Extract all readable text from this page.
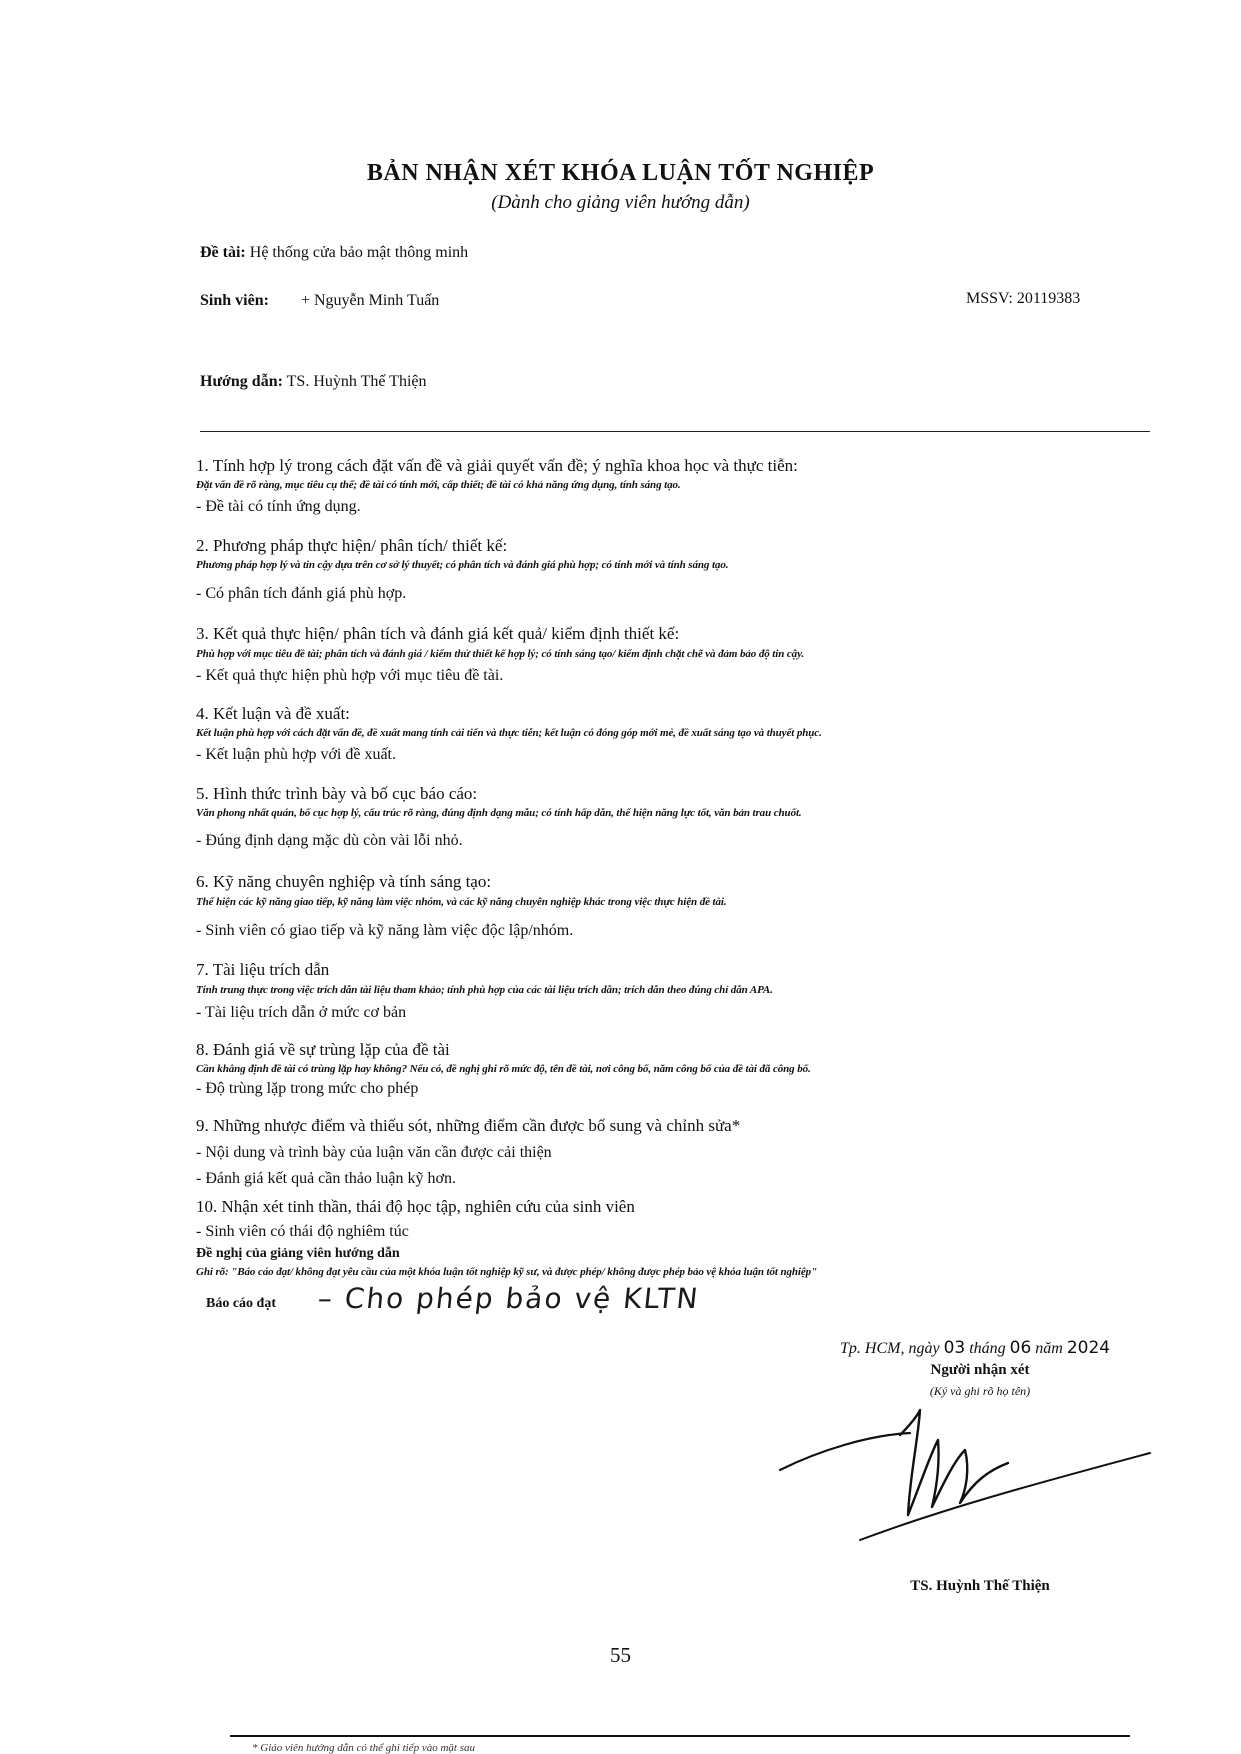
BẢN NHẬN XÉT KHÓA LUẬN TỐT NGHIỆP
(Dành cho giảng viên hướng dẫn)
Đề tài: Hệ thống cửa bảo mật thông minh
Sinh viên: + Nguyễn Minh Tuấn	MSSV: 20119383
Hướng dẫn: TS. Huỳnh Thế Thiện
1. Tính hợp lý trong cách đặt vấn đề và giải quyết vấn đề; ý nghĩa khoa học và thực tiễn:
Đặt vấn đề rõ ràng, mục tiêu cụ thể; đề tài có tính mới, cấp thiết; đề tài có khả năng ứng dụng, tính sáng tạo.
- Đề tài có tính ứng dụng.
2. Phương pháp thực hiện/ phân tích/ thiết kế:
Phương pháp hợp lý và tin cậy dựa trên cơ sở lý thuyết; có phân tích và đánh giá phù hợp; có tính mới và tính sáng tạo.
- Có phân tích đánh giá phù hợp.
3. Kết quả thực hiện/ phân tích và đánh giá kết quả/ kiểm định thiết kế:
Phù hợp với mục tiêu đề tài; phân tích và đánh giá / kiểm thử thiết kế hợp lý; có tính sáng tạo/ kiểm định chặt chẽ và đảm bảo độ tin cậy.
- Kết quả thực hiện phù hợp với mục tiêu đề tài.
4. Kết luận và đề xuất:
Kết luận phù hợp với cách đặt vấn đề, đề xuất mang tính cải tiến và thực tiễn; kết luận có đóng góp mới mẻ, đề xuất sáng tạo và thuyết phục.
- Kết luận phù hợp với đề xuất.
5. Hình thức trình bày và bố cục báo cáo:
Văn phong nhất quán, bố cục hợp lý, cấu trúc rõ ràng, đúng định dạng mẫu; có tính hấp dẫn, thể hiện năng lực tốt, văn bản trau chuốt.
- Đúng định dạng mặc dù còn vài lỗi nhỏ.
6. Kỹ năng chuyên nghiệp và tính sáng tạo:
Thể hiện các kỹ năng giao tiếp, kỹ năng làm việc nhóm, và các kỹ năng chuyên nghiệp khác trong việc thực hiện đề tài.
- Sinh viên có giao tiếp và kỹ năng làm việc độc lập/nhóm.
7. Tài liệu trích dẫn
Tính trung thực trong việc trích dẫn tài liệu tham khảo; tính phù hợp của các tài liệu trích dẫn; trích dẫn theo đúng chỉ dẫn APA.
- Tài liệu trích dẫn ở mức cơ bản
8. Đánh giá về sự trùng lặp của đề tài
Cần khẳng định đề tài có trùng lặp hay không? Nếu có, đề nghị ghi rõ mức độ, tên đề tài, nơi công bố, năm công bố của đề tài đã công bố.
- Độ trùng lặp trong mức cho phép
9. Những nhược điểm và thiếu sót, những điểm cần được bổ sung và chỉnh sửa*
- Nội dung và trình bày của luận văn cần được cải thiện
- Đánh giá kết quả cần thảo luận kỹ hơn.
10. Nhận xét tinh thần, thái độ học tập, nghiên cứu của sinh viên
- Sinh viên có thái độ nghiêm túc
Đề nghị của giảng viên hướng dẫn
Ghi rõ: "Báo cáo đạt/ không đạt yêu cầu của một khóa luận tốt nghiệp kỹ sư, và được phép/ không được phép bảo vệ khóa luận tốt nghiệp"
Báo cáo đạt – Cho phép bảo vệ KLTN
Tp. HCM, ngày 03 tháng 06 năm 2024
Người nhận xét
(Ký và ghi rõ họ tên)
TS. Huỳnh Thế Thiện
55
* Giáo viên hướng dẫn có thể ghi tiếp vào mặt sau
